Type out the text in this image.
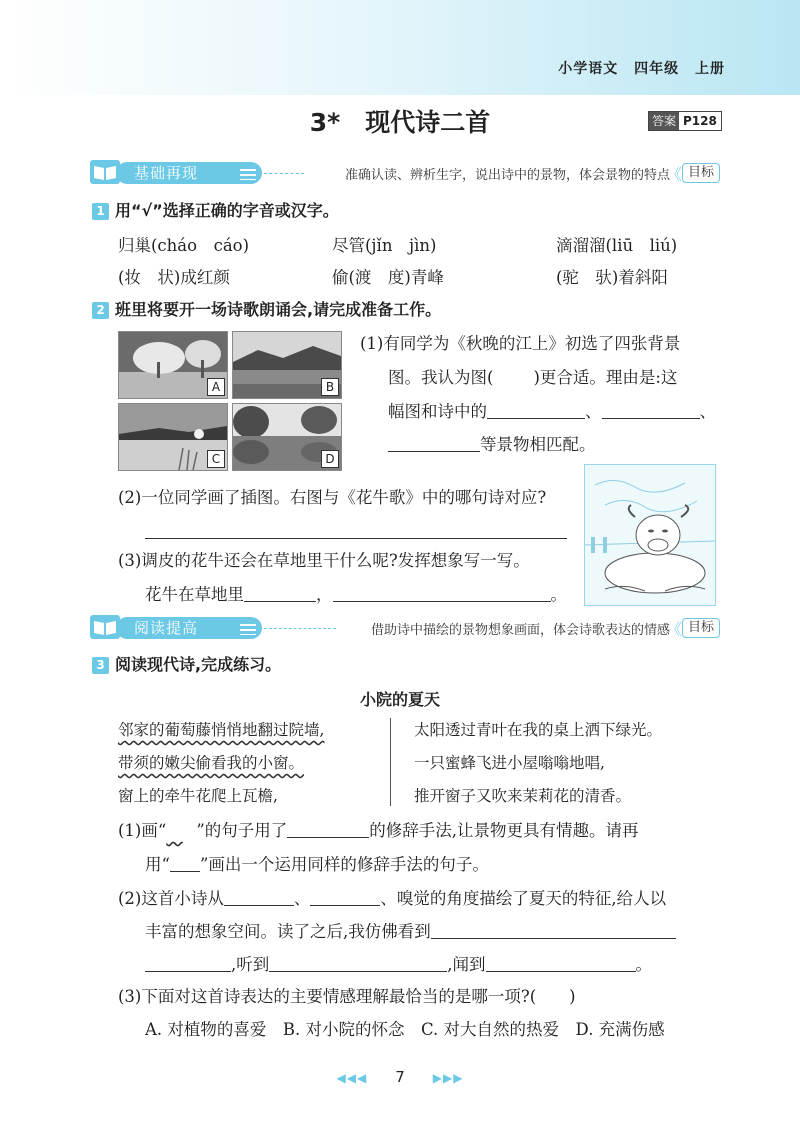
小学语文 四年级 上册
3*　现代诗二首	答案 P128
基础再现	准确认读、辨析生字，说出诗中的景物，体会景物的特点
《 目标
1 用“√”选择正确的字音或汉字。
归巢(cháo　cáo)	尽管(jǐn　jìn)	滴溜溜(liū　liú)
(妆　状)成红颜	偷(渡　度)青峰	(驼　驮)着斜阳
2 班里将要开一场诗歌朗诵会,请完成准备工作。
A	B
C	D
(1)有同学为《秋晚的江上》初选了四张背景
图。我认为图( )更合适。理由是:这
幅图和诗中的	、	、
等景物相匹配。
(2)一位同学画了插图。右图与《花牛歌》中的哪句诗对应?
(3)调皮的花牛还会在草地里干什么呢?发挥想象写一写。
花牛在草地里	，	。
阅读提高	借助诗中描绘的景物想象画面，体会诗歌表达的情感
《 目标
3 阅读现代诗,完成练习。
小院的夏天
邻家的葡萄藤悄悄地翻过院墙,
带须的嫩尖偷看我的小窗。
窗上的牵牛花爬上瓦檐,
太阳透过青叶在我的桌上洒下绿光。
一只蜜蜂飞进小屋嗡嗡地唱,
推开窗子又吹来茉莉花的清香。
(1)画“   ”的句子用了	的修辞手法,让景物更具有情趣。请再
用“ ”画出一个运用同样的修辞手法的句子。
(2)这首小诗从	、	、嗅觉的角度描绘了夏天的特征,给人以
丰富的想象空间。读了之后,我仿佛看到
,听到	,闻到	。
(3)下面对这首诗表达的主要情感理解最恰当的是哪一项?(　　)
A. 对植物的喜爱　B. 对小院的怀念　C. 对大自然的热爱　D. 充满伤感
◀◀◀ 7 ▶▶▶
